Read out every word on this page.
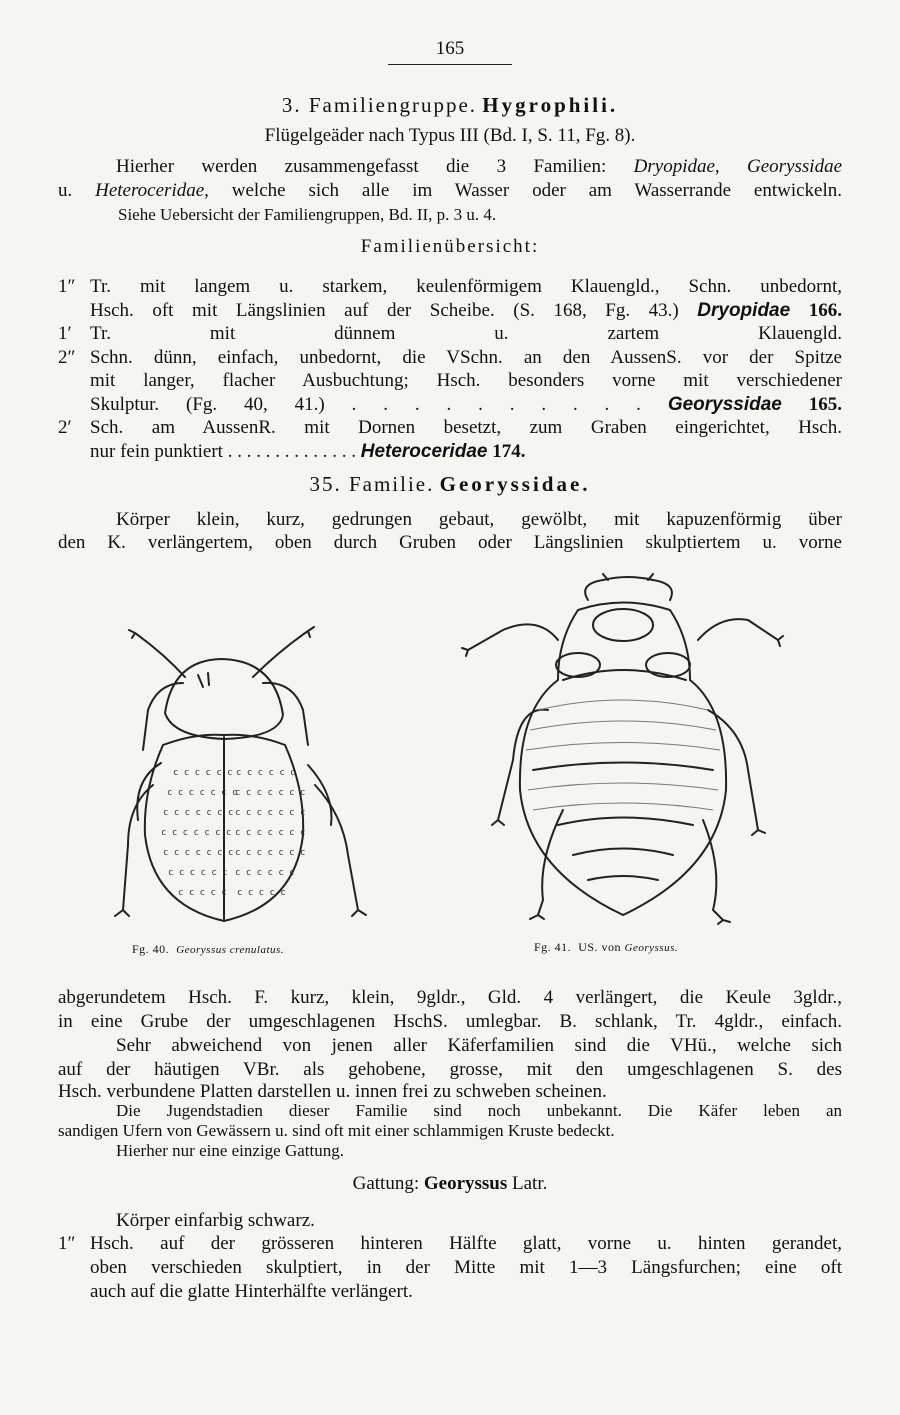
165
3. Familiengruppe. Hygrophili.
Flügelgeäder nach Typus III (Bd. I, S. 11, Fg. 8).
Hierher werden zusammengefasst die 3 Familien: Dryopidae, Georyssidae
u. Heteroceridae, welche sich alle im Wasser oder am Wasserrande entwickeln.
Siehe Uebersicht der Familiengruppen, Bd. II, p. 3 u. 4.
Familienübersicht:
1″ Tr. mit langem u. starkem, keulenförmigem Klauengld., Schn. unbedornt,
Hsch. oft mit Längslinien auf der Scheibe. (S. 168, Fg. 43.) Dryopidae 166.
1′ Tr. mit dünnem u. zartem Klauengld.
2″ Schn. dünn, einfach, unbedornt, die VSchn. an den AussenS. vor der Spitze
mit langer, flacher Ausbuchtung; Hsch. besonders vorne mit verschiedener
Skulptur. (Fg. 40, 41.) . . . . . . . . . . Georyssidae 165.
2′ Sch. am AussenR. mit Dornen besetzt, zum Graben eingerichtet, Hsch.
nur fein punktiert . . . . . . . . . . . . . . Heteroceridae 174.
35. Familie. Georyssidae.
Körper klein, kurz, gedrungen gebaut, gewölbt, mit kapuzenförmig über
den K. verlängertem, oben durch Gruben oder Längslinien skulptiertem u. vorne
c c c c c c c c c c c c
c c c c c c c
c c c c c c c
c c c c c c c c c c c c c c
c c c c c c c c c c c c c c
c c c c c c c c c c c c c c
c c c c c c c c c c c c
c c c c c c c c c c
Fg. 40. Georyssus crenulatus.	Fg. 41. US. von Georyssus.
abgerundetem Hsch. F. kurz, klein, 9gldr., Gld. 4 verlängert, die Keule 3gldr.,
in eine Grube der umgeschlagenen HschS. umlegbar. B. schlank, Tr. 4gldr., einfach.
Sehr abweichend von jenen aller Käferfamilien sind die VHü., welche sich
auf der häutigen VBr. als gehobene, grosse, mit den umgeschlagenen S. des
Hsch. verbundene Platten darstellen u. innen frei zu schweben scheinen.
Die Jugendstadien dieser Familie sind noch unbekannt. Die Käfer leben an
sandigen Ufern von Gewässern u. sind oft mit einer schlammigen Kruste bedeckt.
Hierher nur eine einzige Gattung.
Gattung: Georyssus Latr.
Körper einfarbig schwarz.
1″ Hsch. auf der grösseren hinteren Hälfte glatt, vorne u. hinten gerandet,
oben verschieden skulptiert, in der Mitte mit 1—3 Längsfurchen; eine oft
auch auf die glatte Hinterhälfte verlängert.
